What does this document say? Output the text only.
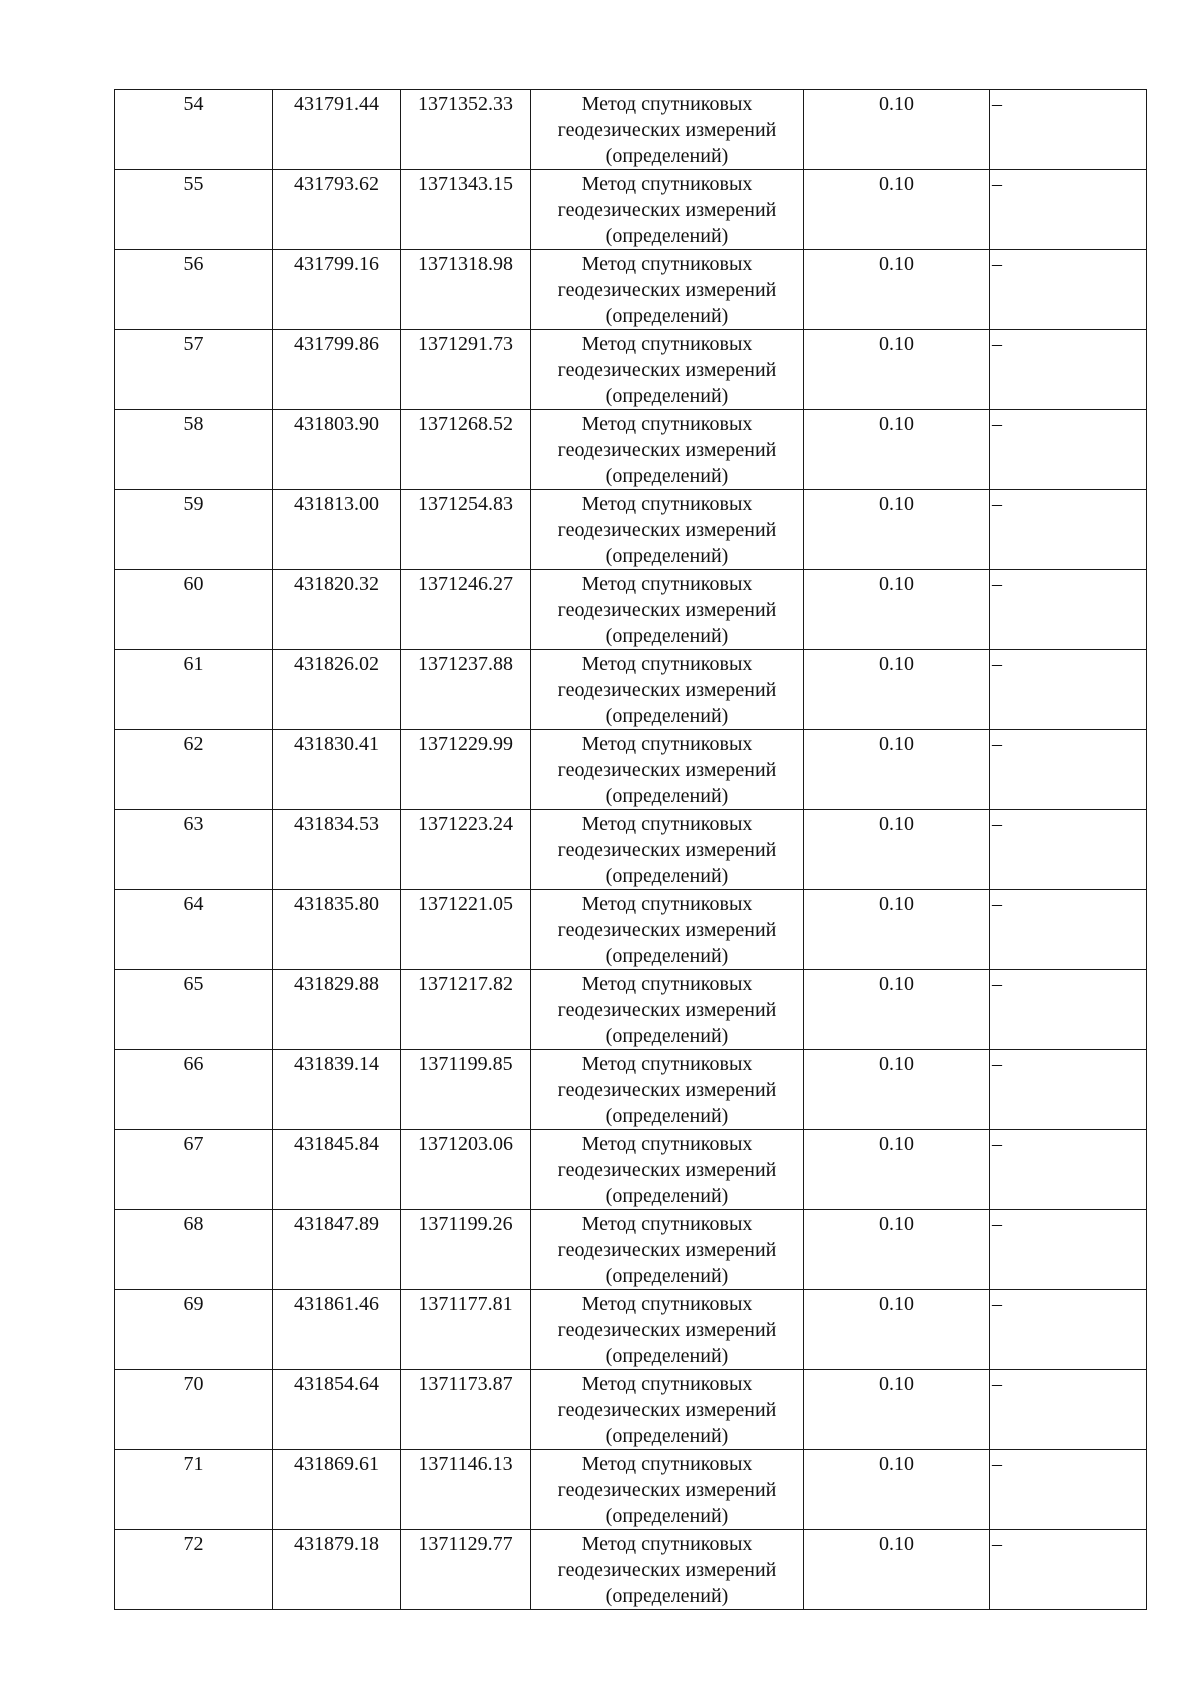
54	431791.44	1371352.33	Метод спутниковых геодезических измерений (определений)	0.10	–
55	431793.62	1371343.15	Метод спутниковых геодезических измерений (определений)	0.10	–
56	431799.16	1371318.98	Метод спутниковых геодезических измерений (определений)	0.10	–
57	431799.86	1371291.73	Метод спутниковых геодезических измерений (определений)	0.10	–
58	431803.90	1371268.52	Метод спутниковых геодезических измерений (определений)	0.10	–
59	431813.00	1371254.83	Метод спутниковых геодезических измерений (определений)	0.10	–
60	431820.32	1371246.27	Метод спутниковых геодезических измерений (определений)	0.10	–
61	431826.02	1371237.88	Метод спутниковых геодезических измерений (определений)	0.10	–
62	431830.41	1371229.99	Метод спутниковых геодезических измерений (определений)	0.10	–
63	431834.53	1371223.24	Метод спутниковых геодезических измерений (определений)	0.10	–
64	431835.80	1371221.05	Метод спутниковых геодезических измерений (определений)	0.10	–
65	431829.88	1371217.82	Метод спутниковых геодезических измерений (определений)	0.10	–
66	431839.14	1371199.85	Метод спутниковых геодезических измерений (определений)	0.10	–
67	431845.84	1371203.06	Метод спутниковых геодезических измерений (определений)	0.10	–
68	431847.89	1371199.26	Метод спутниковых геодезических измерений (определений)	0.10	–
69	431861.46	1371177.81	Метод спутниковых геодезических измерений (определений)	0.10	–
70	431854.64	1371173.87	Метод спутниковых геодезических измерений (определений)	0.10	–
71	431869.61	1371146.13	Метод спутниковых геодезических измерений (определений)	0.10	–
72	431879.18	1371129.77	Метод спутниковых геодезических измерений (определений)	0.10	–
